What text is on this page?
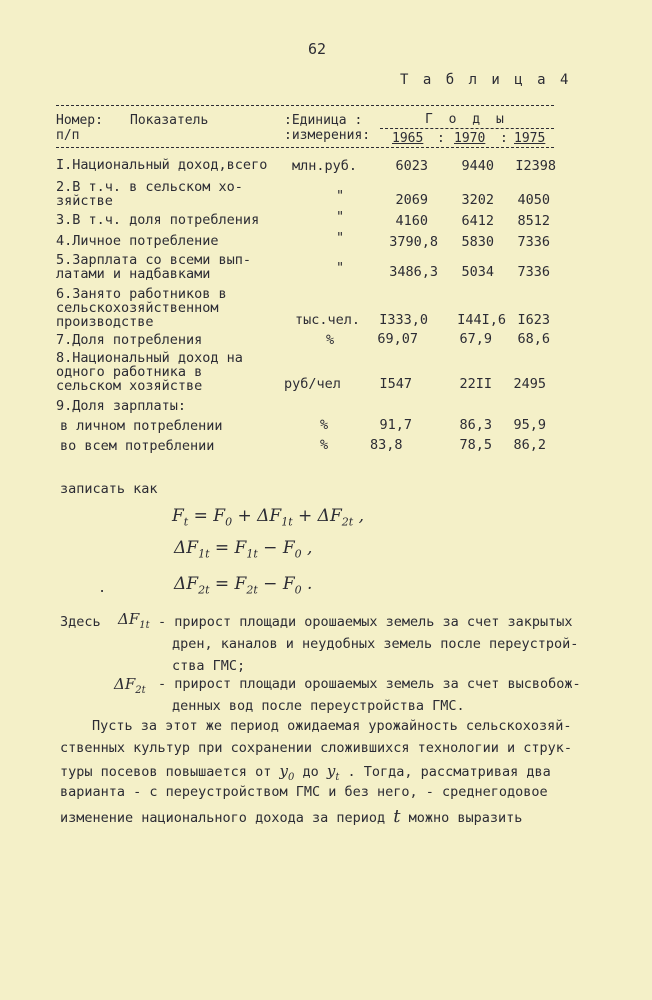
62
Т а б л и ц а 4
Номер:
п/п
Показатель	:Единица :
:измерения:
Г о д ы
1965 : 1970 : 1975
I.Национальный доход,всего млн.руб.	6023	9440	I2398
2.В т.ч. в сельском хо-
зяйстве	"	2069	3202	4050
3.В т.ч. доля потребления	"	4160	6412	8512
4.Личное потребление	"	3790,8	5830	7336
5.Зарплата со всеми вып-
латами и надбавками	"	3486,3	5034	7336
6.Занято работников в
сельскохозяйственном
производстве	тыс.чел.	I333,0	I44I,6 I623
7.Доля потребления	%	69,07	67,9	68,6
8.Национальный доход на
одного работника в
сельском хозяйстве	руб/чел	I547	22II	2495
9.Доля зарплаты:
в личном потреблении	%	91,7	86,3	95,9
во всем потреблении	%	83,8	78,5	86,2
записать как
$F_t = F_0 + \Delta F_{1t} + \Delta F_{2t}$ ,
$\Delta F_{1t} = F_{1t} - F_0$ ,
$\Delta F_{2t} = F_{2t} - F_0$ .
.
Здесь $\Delta F_{1t}$ - прирост площади орошаемых земель за счет закрытых
дрен, каналов и неудобных земель после переустрой-
ства ГМС;
$\Delta F_{2t}$ - прирост площади орошаемых земель за счет высвобож-
денных вод после переустройства ГМС.
Пусть за этот же период ожидаемая урожайность сельскохозяй-
ственных культур при сохранении сложившихся технологии и струк-
туры посевов повышается от $y_0$ до $y_t$ . Тогда, рассматривая два
варианта - с переустройством ГМС и без него, - среднегодовое
изменение национального дохода за период t можно выразить
